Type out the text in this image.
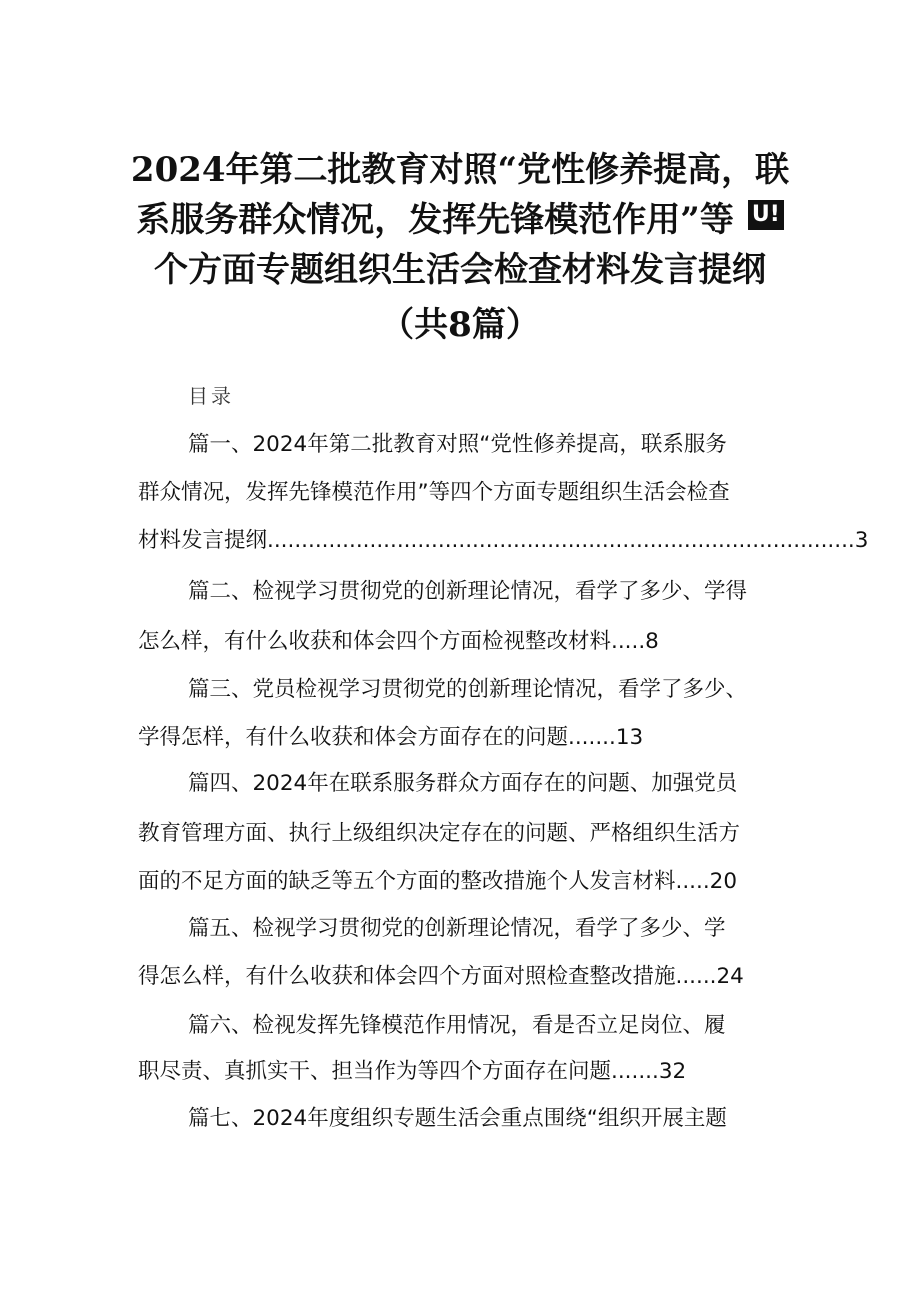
2024年第二批教育对照“党性修养提高，联
系服务群众情况，发挥先锋模范作用”等 U!
个方面专题组织生活会检查材料发言提纲
（共8篇）
目录
篇一、2024年第二批教育对照“党性修养提高，联系服务
群众情况，发挥先锋模范作用”等四个方面专题组织生活会检查
材料发言提纲......................................................................................3
篇二、检视学习贯彻党的创新理论情况，看学了多少、学得
怎么样，有什么收获和体会四个方面检视整改材料.....8
篇三、党员检视学习贯彻党的创新理论情况，看学了多少、
学得怎样，有什么收获和体会方面存在的问题.......13
篇四、2024年在联系服务群众方面存在的问题、加强党员
教育管理方面、执行上级组织决定存在的问题、严格组织生活方
面的不足方面的缺乏等五个方面的整改措施个人发言材料.....20
篇五、检视学习贯彻党的创新理论情况，看学了多少、学
得怎么样，有什么收获和体会四个方面对照检查整改措施......24
篇六、检视发挥先锋模范作用情况，看是否立足岗位、履
职尽责、真抓实干、担当作为等四个方面存在问题.......32
篇七、2024年度组织专题生活会重点围绕“组织开展主题
